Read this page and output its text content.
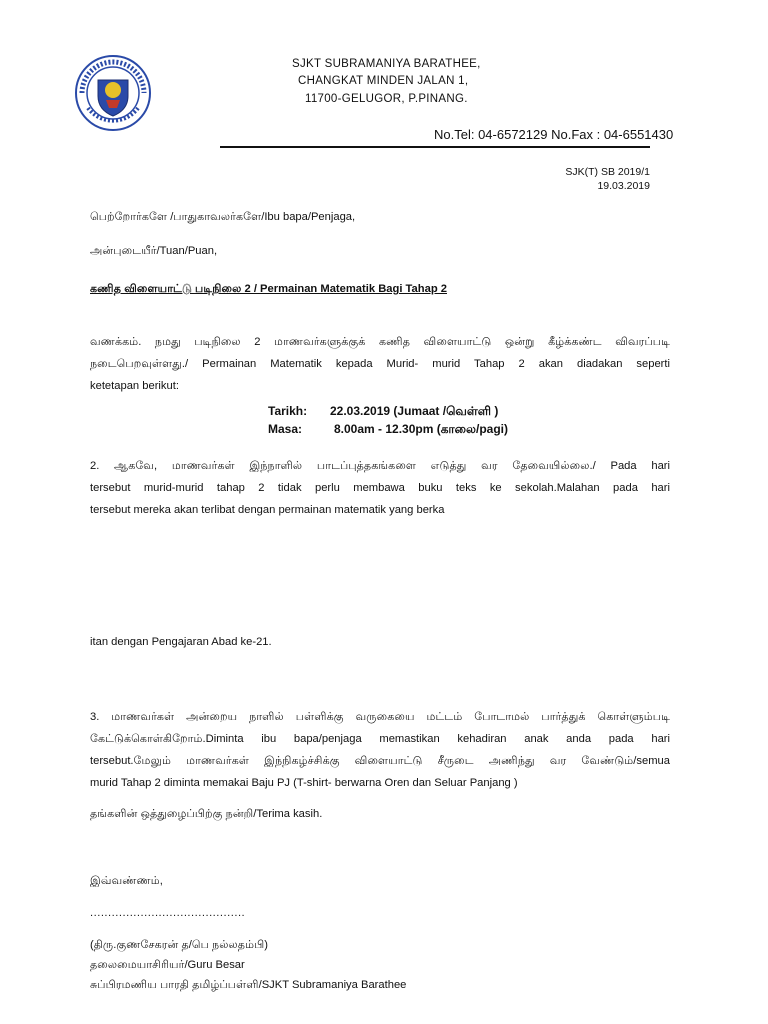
SJKT SUBRAMANIYA BARATHEE,
CHANGKAT MINDEN JALAN 1,
11700-GELUGOR, P.PINANG.
No.Tel: 04-6572129 No.Fax : 04-6551430
SJK(T) SB 2019/1
19.03.2019
பெற்றோர்களே /பாதுகாவலர்களே/Ibu bapa/Penjaga,
அன்புடையீர்/Tuan/Puan,
கணித விளையாட்டு படிநிலை 2 / Permainan Matematik Bagi Tahap 2

வணக்கம். நமது படிநிலை 2 மாணவர்களுக்குக் கணித விளையாட்டு ஒன்று கீழ்க்கண்ட விவரப்படி

நடைபெறவுள்ளது./ Permainan Matematik kepada Murid- murid Tahap 2 akan diadakan seperti

ketetapan berikut:

Tarikh: 22.03.2019 (Jumaat /வெள்ளி )
Masa:	8.00am - 12.30pm (காலை/pagi)

2. ஆகவே, மாணவர்கள் இந்நாளில் பாடப்புத்தகங்களை எடுத்து வர தேவையில்லை./ Pada hari

tersebut murid-murid tahap 2 tidak perlu membawa buku teks ke sekolah.Malahan pada hari

tersebut mereka akan terlibat dengan permainan matematik yang berka

itan dengan Pengajaran Abad ke-21.

3. மாணவர்கள் அன்றைய நாளில் பள்ளிக்கு வருகையை மட்டம் போடாமல் பார்த்துக் கொள்ளும்படி

கேட்டுக்கொள்கிறோம்.Diminta ibu bapa/penjaga memastikan kehadiran anak anda pada hari

tersebut.மேலும் மாணவர்கள் இந்நிகழ்ச்சிக்கு விளையாட்டு சீருடை அணிந்து வர வேண்டும்/semua

murid Tahap 2 diminta memakai Baju PJ (T-shirt- berwarna Oren dan Seluar Panjang )

தங்களின் ஒத்துழைப்பிற்கு நன்றி/Terima kasih.
இவ்வண்ணம்,
...........................................
(திரு.குணசேகரன் த/பெ நல்லதம்பி)
தலைமையாசிரியர்/Guru Besar
சுப்பிரமணிய பாரதி தமிழ்ப்பள்ளி/SJKT Subramaniya Barathee
